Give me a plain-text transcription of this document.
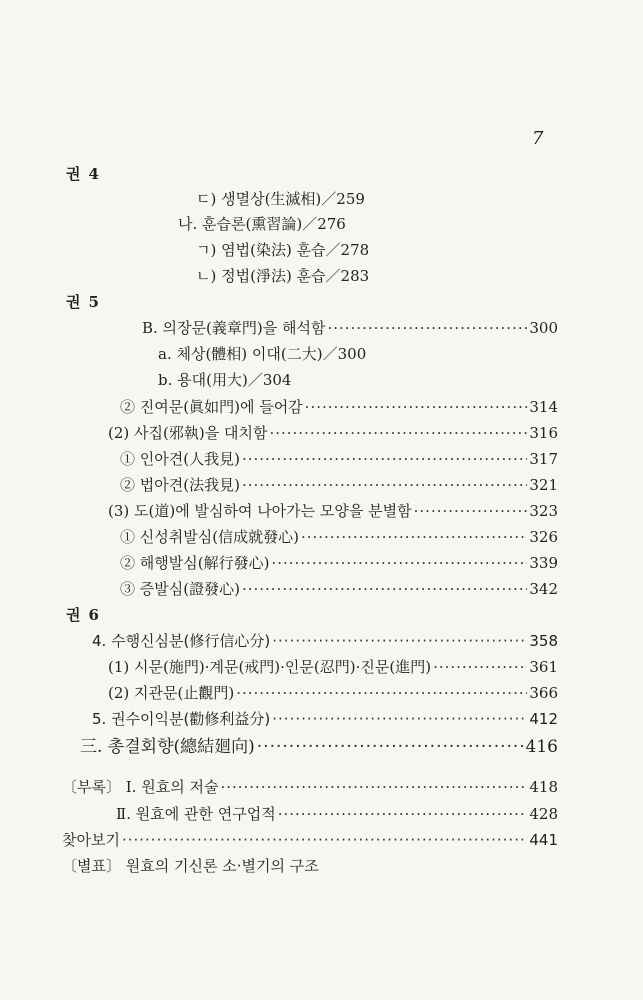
7
권 4
ㄷ) 생멸상(生滅相)／259
나. 훈습론(熏習論)／276
ㄱ) 염법(染法) 훈습／278
ㄴ) 정법(淨法) 훈습／283
권 5
B. 의장문(義章門)을 해석함 ·····	300
a. 체상(體相) 이대(二大)／300
b. 용대(用大)／304
② 진여문(眞如門)에 들어감 ·····	314
(2) 사집(邪執)을 대치함 ·····	316
① 인아견(人我見) ·····	317
② 법아견(法我見) ·····	321
(3) 도(道)에 발심하여 나아가는 모양을 분별함 ·····	323
① 신성취발심(信成就發心) ·····	326
② 해행발심(解行發心) ·····	339
③ 증발심(證發心) ·····	342
권 6
4. 수행신심분(修行信心分) ·····	358
(1) 시문(施門)·계문(戒門)·인문(忍門)·진문(進門) ·····	361
(2) 지관문(止觀門) ·····	366
5. 권수이익분(勸修利益分) ·····	412
三. 총결회향(總結廻向) ·····	416
〔부록〕 Ⅰ. 원효의 저술 ·····	418
Ⅱ. 원효에 관한 연구업적 ·····	428
찾아보기 ·····	441
〔별표〕 원효의 기신론 소·별기의 구조
